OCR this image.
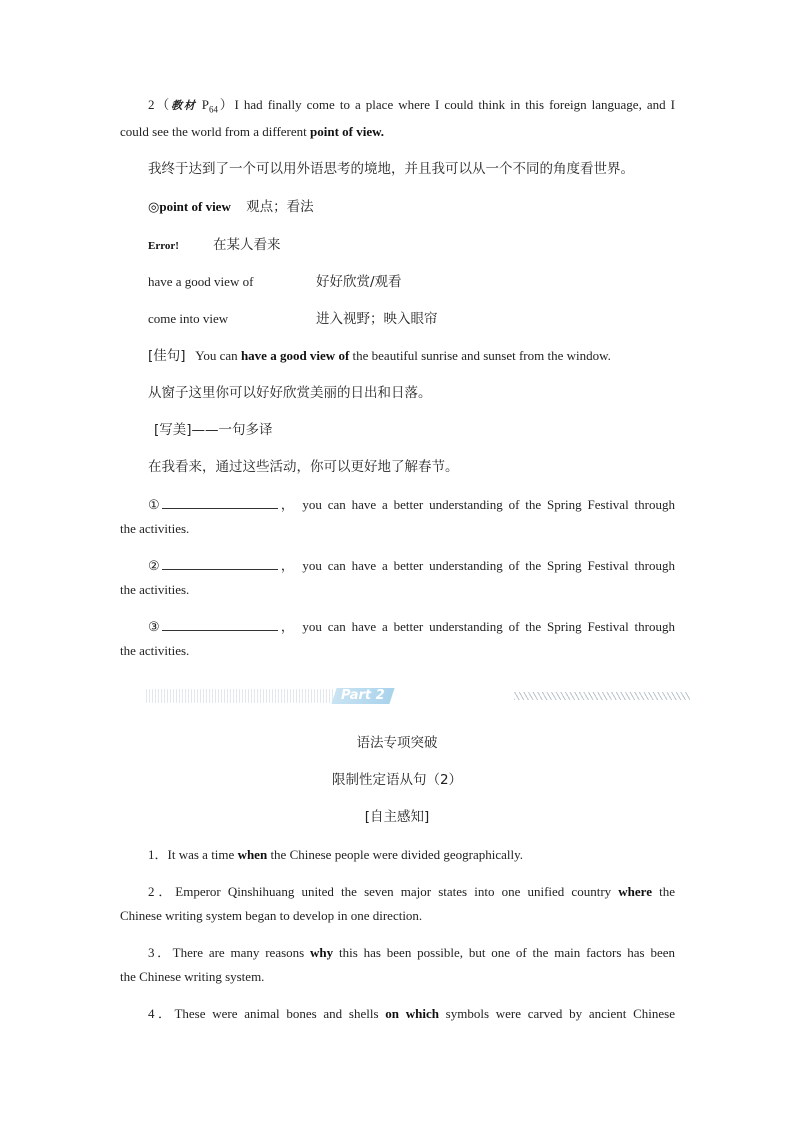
2（教材 $P_{64})I$ had finally come to a place where I could think in this foreign language, and I
could see the world from a different point of view.
我终于达到了一个可以用外语思考的境地，并且我可以从一个不同的角度看世界。
◎point of view 观点；看法
Error!	在某人看来
have a good view of	好好欣赏/观看
come into view	进入视野；映入眼帘
[佳句] You can have a good view of the beautiful sunrise and sunset from the window.
从窗子这里你可以好好欣赏美丽的日出和日落。
[写美]——一句多译
在我看来，通过这些活动，你可以更好地了解春节。
①	， you can have a better understanding of the Spring Festival through
the activities.
②	， you can have a better understanding of the Spring Festival through
the activities.
③	， you can have a better understanding of the Spring Festival through
the activities.
Part 2
语法专项突破
限制性定语从句（2）
[自主感知]
1．It was a time when the Chinese people were divided geographically.
2．Emperor Qinshihuang united the seven major states into one unified country where the
Chinese writing system began to develop in one direction.
3．There are many reasons why this has been possible, but one of the main factors has been
the Chinese writing system.
4．These were animal bones and shells on which symbols were carved by ancient Chinese
